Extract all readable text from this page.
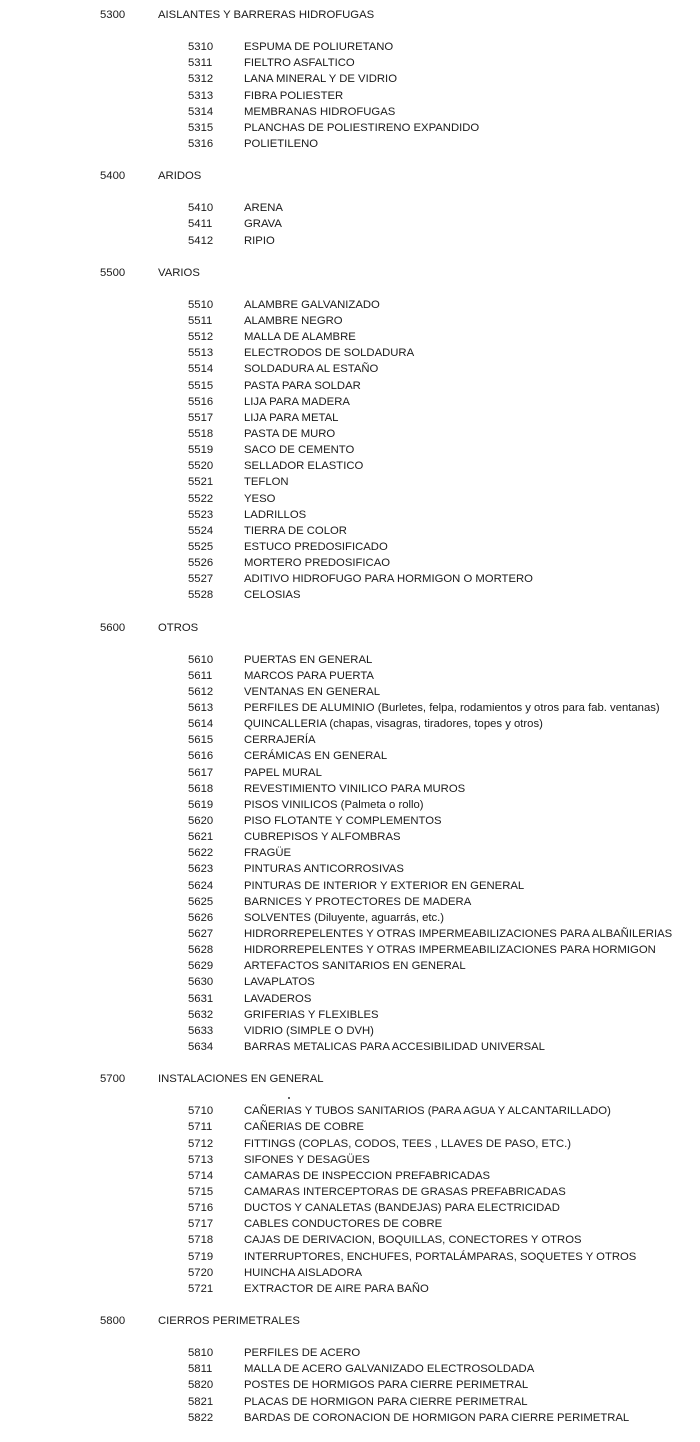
5300	AISLANTES Y BARRERAS HIDROFUGAS
5310	ESPUMA DE POLIURETANO
5311	FIELTRO ASFALTICO
5312	LANA MINERAL Y DE VIDRIO
5313	FIBRA POLIESTER
5314	MEMBRANAS HIDROFUGAS
5315	PLANCHAS DE POLIESTIRENO EXPANDIDO
5316	POLIETILENO
5400	ARIDOS
5410	ARENA
5411	GRAVA
5412	RIPIO
5500	VARIOS
5510	ALAMBRE GALVANIZADO
5511	ALAMBRE NEGRO
5512	MALLA DE ALAMBRE
5513	ELECTRODOS DE SOLDADURA
5514	SOLDADURA AL ESTAÑO
5515	PASTA PARA SOLDAR
5516	LIJA PARA MADERA
5517	LIJA PARA METAL
5518	PASTA DE MURO
5519	SACO DE CEMENTO
5520	SELLADOR ELASTICO
5521	TEFLON
5522	YESO
5523	LADRILLOS
5524	TIERRA DE COLOR
5525	ESTUCO PREDOSIFICADO
5526	MORTERO PREDOSIFICAO
5527	ADITIVO HIDROFUGO PARA HORMIGON O MORTERO
5528	CELOSIAS
5600	OTROS
5610	PUERTAS EN GENERAL
5611	MARCOS PARA PUERTA
5612	VENTANAS EN GENERAL
5613	PERFILES DE ALUMINIO (Burletes, felpa, rodamientos y otros para fab. ventanas)
5614	QUINCALLERIA (chapas, visagras, tiradores, topes y otros)
5615	CERRAJERÍA
5616	CERÁMICAS EN GENERAL
5617	PAPEL MURAL
5618	REVESTIMIENTO VINILICO PARA MUROS
5619	PISOS VINILICOS (Palmeta o rollo)
5620	PISO FLOTANTE Y COMPLEMENTOS
5621	CUBREPISOS Y ALFOMBRAS
5622	FRAGÜE
5623	PINTURAS ANTICORROSIVAS
5624	PINTURAS DE INTERIOR Y EXTERIOR EN GENERAL
5625	BARNICES Y PROTECTORES DE MADERA
5626	SOLVENTES (Diluyente, aguarrás, etc.)
5627	HIDRORREPELENTES Y OTRAS IMPERMEABILIZACIONES PARA ALBAÑILERIAS
5628	HIDRORREPELENTES Y OTRAS IMPERMEABILIZACIONES PARA HORMIGON
5629	ARTEFACTOS SANITARIOS EN GENERAL
5630	LAVAPLATOS
5631	LAVADEROS
5632	GRIFERIAS Y FLEXIBLES
5633	VIDRIO (SIMPLE O DVH)
5634	BARRAS METALICAS PARA ACCESIBILIDAD UNIVERSAL
5700	INSTALACIONES EN GENERAL
5710	CAÑERIAS Y TUBOS SANITARIOS (PARA AGUA Y ALCANTARILLADO)
5711	CAÑERIAS DE COBRE
5712	FITTINGS (COPLAS, CODOS, TEES , LLAVES DE PASO, ETC.)
5713	SIFONES Y DESAGÜES
5714	CAMARAS DE INSPECCION PREFABRICADAS
5715	CAMARAS INTERCEPTORAS DE GRASAS PREFABRICADAS
5716	DUCTOS Y CANALETAS (BANDEJAS) PARA ELECTRICIDAD
5717	CABLES CONDUCTORES DE COBRE
5718	CAJAS DE DERIVACION, BOQUILLAS, CONECTORES Y OTROS
5719	INTERRUPTORES, ENCHUFES, PORTALÁMPARAS, SOQUETES Y OTROS
5720	HUINCHA AISLADORA
5721	EXTRACTOR DE AIRE PARA BAÑO
5800	CIERROS PERIMETRALES
5810	PERFILES DE ACERO
5811	MALLA DE ACERO GALVANIZADO ELECTROSOLDADA
5820	POSTES DE HORMIGOS PARA CIERRE PERIMETRAL
5821	PLACAS DE HORMIGON PARA CIERRE PERIMETRAL
5822	BARDAS DE CORONACION DE HORMIGON PARA CIERRE PERIMETRAL
